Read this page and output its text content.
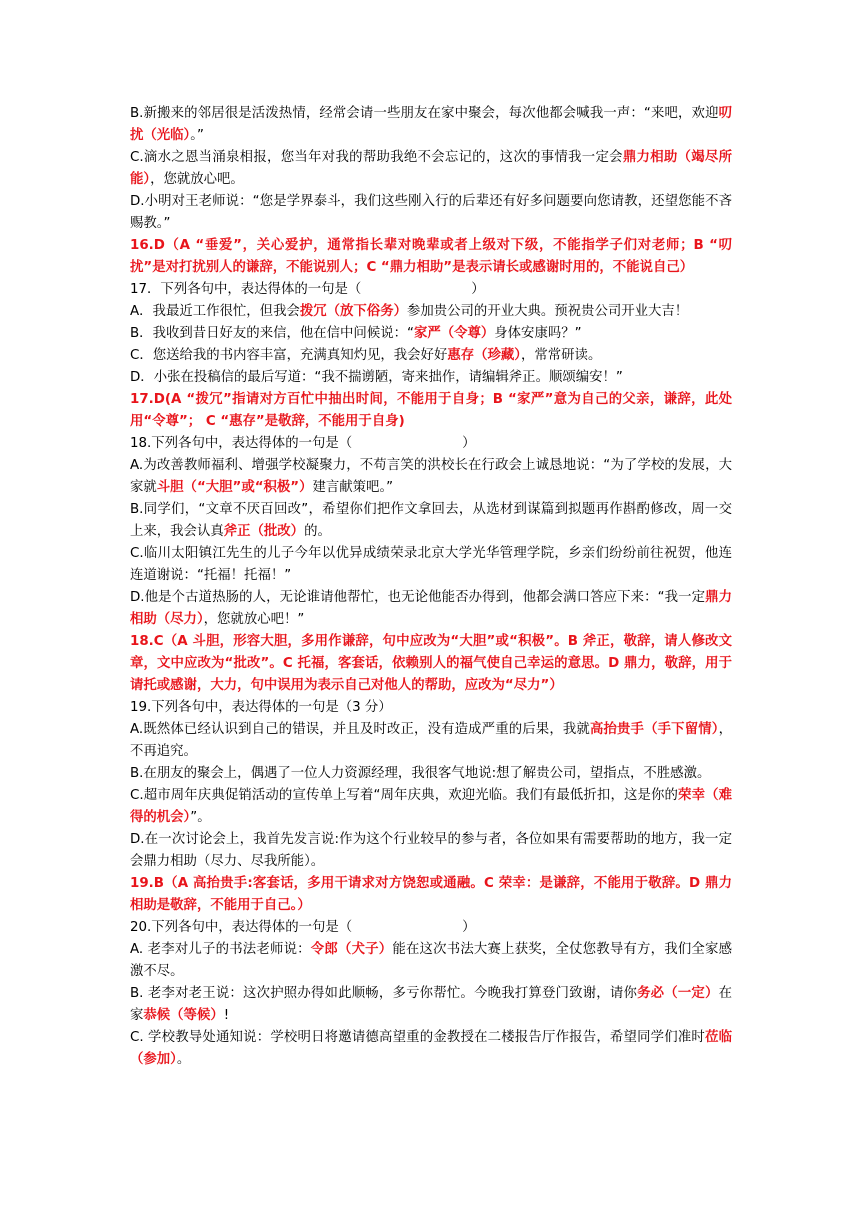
B.新搬来的邻居很是活泼热情，经常会请一些朋友在家中聚会，每次他都会喊我一声：“来吧，欢迎叨扰（光临）。”

C.滴水之恩当涌泉相报，您当年对我的帮助我绝不会忘记的，这次的事情我一定会鼎力相助（竭尽所能），您就放心吧。

D.小明对王老师说：“您是学界泰斗，我们这些刚入行的后辈还有好多问题要向您请教，还望您能不吝赐教。”

16.D（A “垂爱”，关心爱护，通常指长辈对晚辈或者上级对下级，不能指学子们对老师；B “叨扰”是对打扰别人的谦辞，不能说别人；C “鼎力相助”是表示请长或感谢时用的，不能说自己）

17．下列各句中，表达得体的一句是（	）

A．我最近工作很忙，但我会拨冗（放下俗务）参加贵公司的开业大典。预祝贵公司开业大吉！

B．我收到昔日好友的来信，他在信中问候说：“家严（令尊）身体安康吗？”

C．您送给我的书内容丰富，充满真知灼见，我会好好惠存（珍藏），常常研读。

D．小张在投稿信的最后写道：“我不揣谫陋，寄来拙作，请编辑斧正。顺颂编安！”

17.D(A “拨冗”指请对方百忙中抽出时间，不能用于自身；B “家严”意为自己的父亲，谦辞，此处用“令尊”； C “惠存”是敬辞，不能用于自身)

18.下列各句中，表达得体的一句是（	）

A.为改善教师福利、增强学校凝聚力，不苟言笑的洪校长在行政会上诚恳地说：“为了学校的发展，大家就斗胆（“大胆”或“积极”）建言献策吧。”

B.同学们，“文章不厌百回改”，希望你们把作文拿回去，从选材到谋篇到拟题再作斟酌修改，周一交上来，我会认真斧正（批改）的。

C.临川太阳镇江先生的儿子今年以优异成绩荣录北京大学光华管理学院，乡亲们纷纷前往祝贺，他连连道谢说：“托福！托福！”

D.他是个古道热肠的人，无论谁请他帮忙，也无论他能否办得到，他都会满口答应下来：“我一定鼎力相助（尽力），您就放心吧！”

18.C（A 斗胆，形容大胆，多用作谦辞，句中应改为“大胆”或“积极”。B 斧正，敬辞，请人修改文章，文中应改为“批改”。C 托福，客套话，依赖别人的福气使自己幸运的意思。D 鼎力，敬辞，用于请托或感谢，大力，句中误用为表示自己对他人的帮助，应改为“尽力”）

19.下列各句中，表达得体的一句是（3 分）

A.既然体已经认识到自己的错误，并且及时改正，没有造成严重的后果，我就高抬贵手（手下留情），不再追究。

B.在朋友的聚会上，偶遇了一位人力资源经理，我很客气地说:想了解贵公司，望指点，不胜感激。

C.超市周年庆典促销活动的宣传单上写着“周年庆典，欢迎光临。我们有最低折扣，这是你的荣幸（难得的机会）”。

D.在一次讨论会上，我首先发言说:作为这个行业较早的参与者，各位如果有需要帮助的地方，我一定会鼎力相助（尽力、尽我所能）。

19.B（A 高抬贵手:客套话，多用干请求对方饶恕或通融。C 荣幸：是谦辞，不能用于敬辞。D 鼎力相助是敬辞，不能用于自己。）

20.下列各句中，表达得体的一句是（	）

A. 老李对儿子的书法老师说：令郎（犬子）能在这次书法大赛上获奖，全仗您教导有方，我们全家感激不尽。

B. 老李对老王说：这次护照办得如此顺畅，多亏你帮忙。今晚我打算登门致谢，请你务必（一定）在家恭候（等候）!

C. 学校教导处通知说：学校明日将邀请德高望重的金教授在二楼报告厅作报告，希望同学们准时莅临（参加）。
